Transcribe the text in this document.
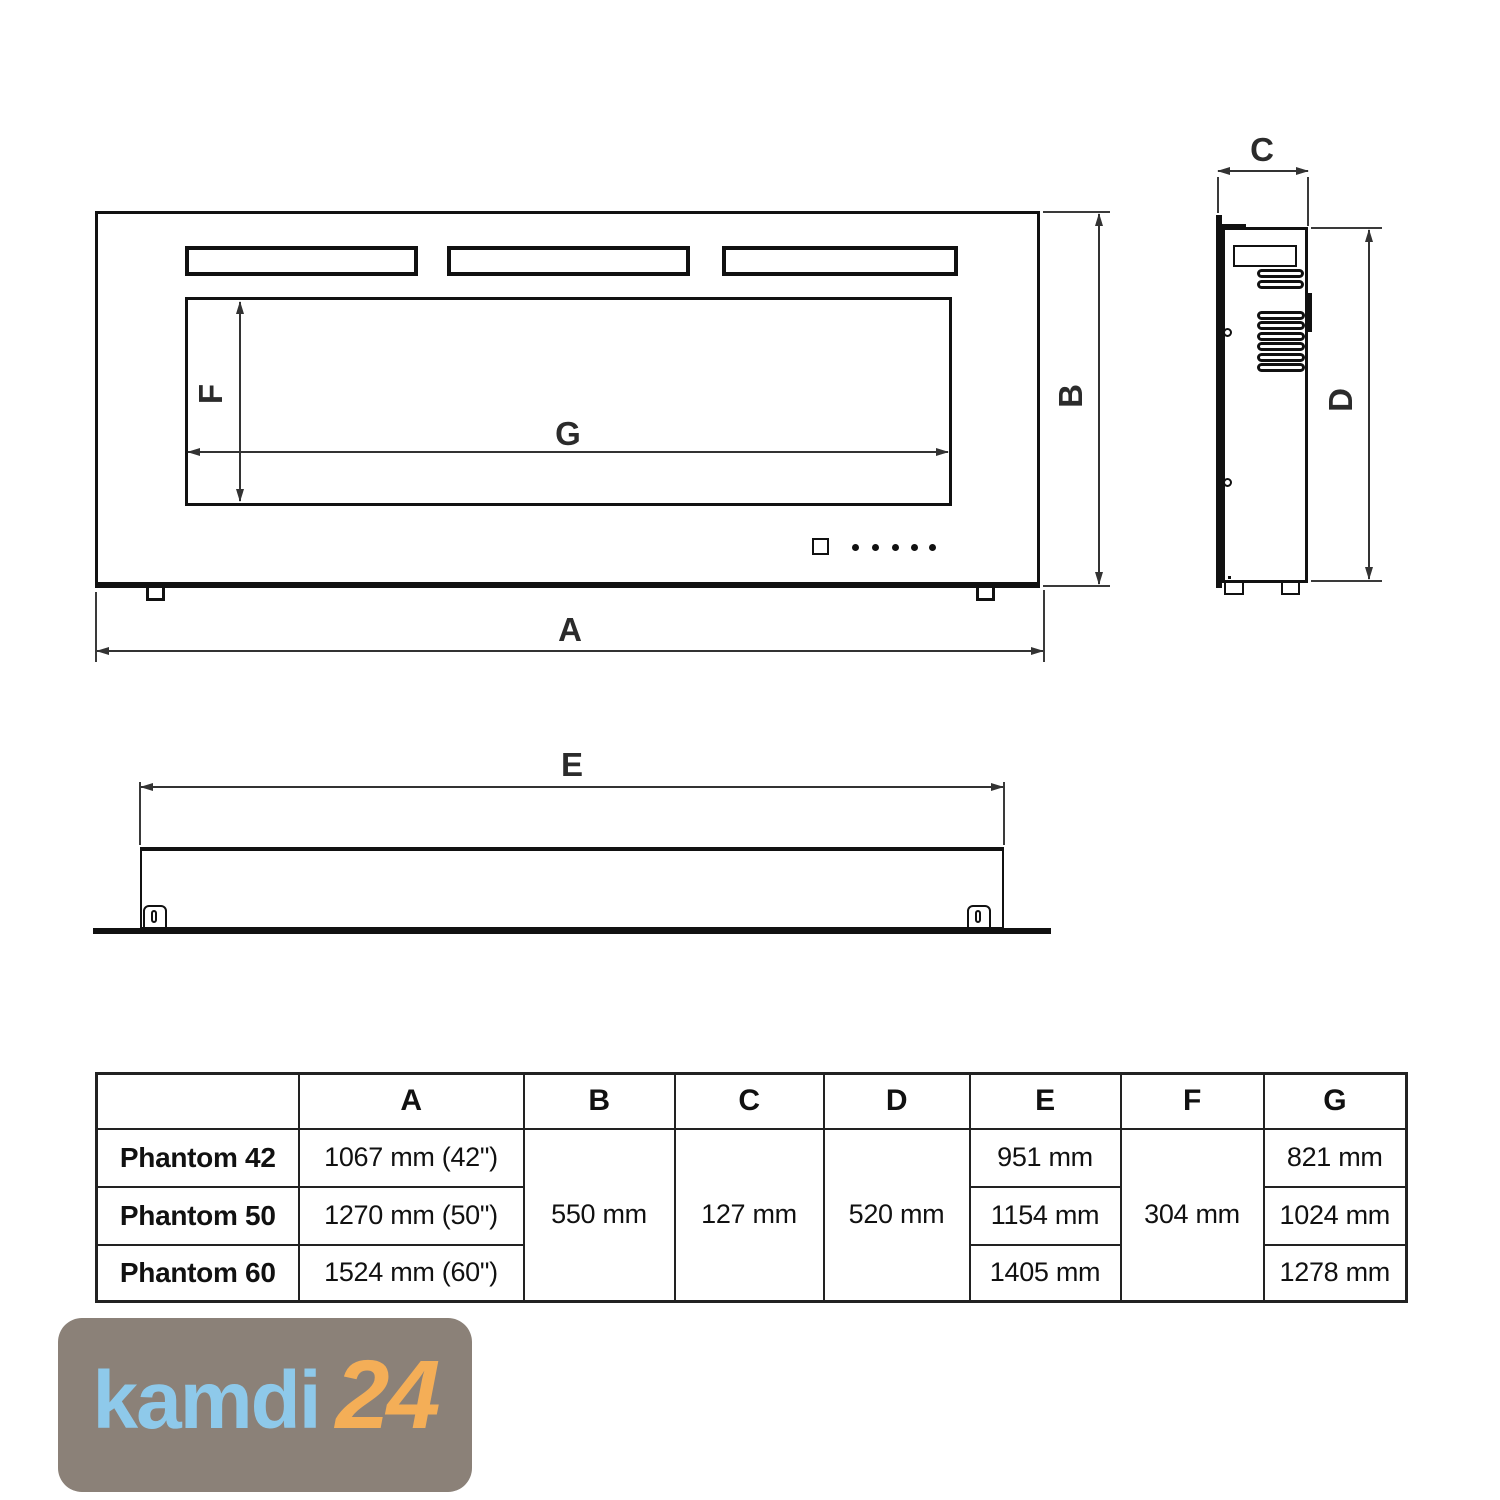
F
G
B
A
C
D
E
	A	B	C	D	E	F	G
Phantom 42	1067 mm (42")	550 mm	127 mm	520 mm	951 mm	304 mm	821 mm
Phantom 50	1270 mm (50")				1154 mm		1024 mm
Phantom 60	1524 mm (60")				1405 mm		1278 mm
kamdi 24
